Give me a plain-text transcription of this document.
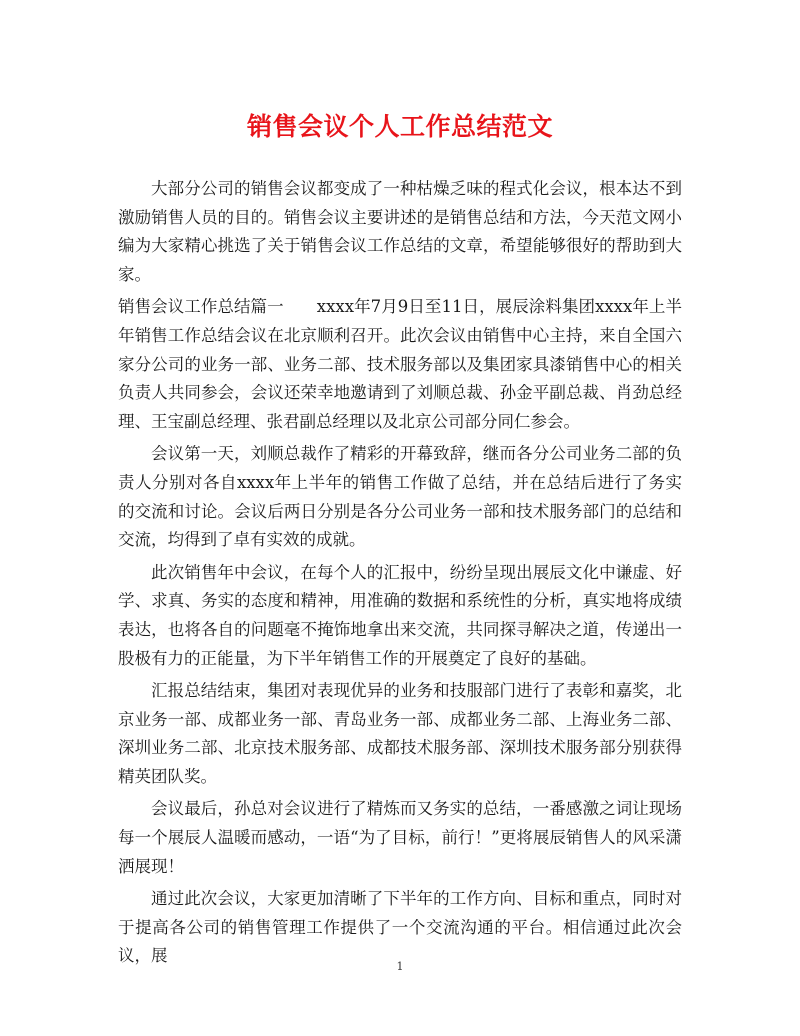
销售会议个人工作总结范文

大部分公司的销售会议都变成了一种枯燥乏味的程式化会议，根本达不到激励销售人员的目的。销售会议主要讲述的是销售总结和方法，今天范文网小编为大家精心挑选了关于销售会议工作总结的文章，希望能够很好的帮助到大家。

销售会议工作总结篇一　　xxxx年7月9日至11日，展辰涂料集团xxxx年上半年销售工作总结会议在北京顺利召开。此次会议由销售中心主持，来自全国六家分公司的业务一部、业务二部、技术服务部以及集团家具漆销售中心的相关负责人共同参会，会议还荣幸地邀请到了刘顺总裁、孙金平副总裁、肖劲总经理、王宝副总经理、张君副总经理以及北京公司部分同仁参会。

会议第一天，刘顺总裁作了精彩的开幕致辞，继而各分公司业务二部的负责人分别对各自xxxx年上半年的销售工作做了总结，并在总结后进行了务实的交流和讨论。会议后两日分别是各分公司业务一部和技术服务部门的总结和交流，均得到了卓有实效的成就。

此次销售年中会议，在每个人的汇报中，纷纷呈现出展辰文化中谦虚、好学、求真、务实的态度和精神，用准确的数据和系统性的分析，真实地将成绩表达，也将各自的问题毫不掩饰地拿出来交流，共同探寻解决之道，传递出一股极有力的正能量，为下半年销售工作的开展奠定了良好的基础。

汇报总结结束，集团对表现优异的业务和技服部门进行了表彰和嘉奖，北京业务一部、成都业务一部、青岛业务一部、成都业务二部、上海业务二部、深圳业务二部、北京技术服务部、成都技术服务部、深圳技术服务部分别获得精英团队奖。

会议最后，孙总对会议进行了精炼而又务实的总结，一番感激之词让现场每一个展辰人温暖而感动，一语“为了目标，前行！”更将展辰销售人的风采潇洒展现！

通过此次会议，大家更加清晰了下半年的工作方向、目标和重点，同时对于提高各公司的销售管理工作提供了一个交流沟通的平台。相信通过此次会议，展

1
